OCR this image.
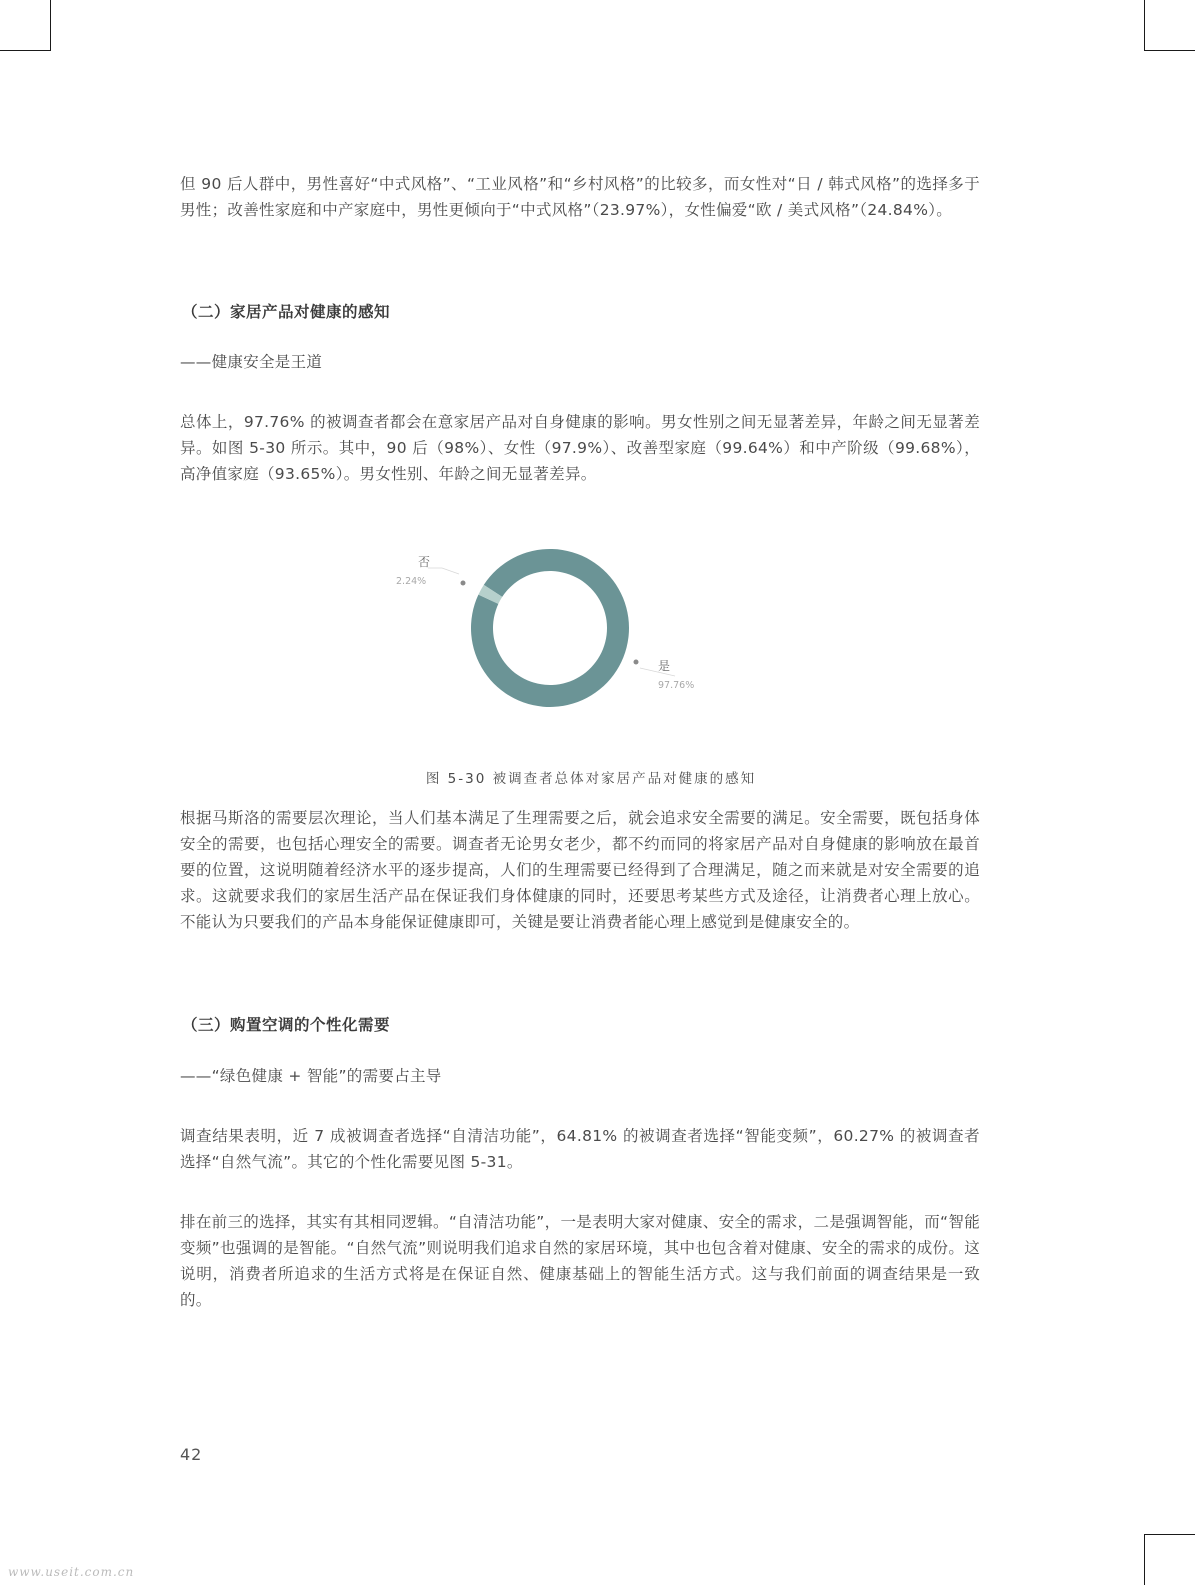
但 90 后人群中，男性喜好“中式风格”、“工业风格”和“乡村风格”的比较多，而女性对“日 / 韩式风格”的选择多于男性；改善性家庭和中产家庭中，男性更倾向于“中式风格”（23.97%），女性偏爱“欧 / 美式风格”（24.84%）。

（二）家居产品对健康的感知

——健康安全是王道

总体上，97.76% 的被调查者都会在意家居产品对自身健康的影响。男女性别之间无显著差异，年龄之间无显著差异。如图 5-30 所示。其中，90 后（98%）、女性（97.9%）、改善型家庭（99.64%）和中产阶级（99.68%），高净值家庭（93.65%）。男女性别、年龄之间无显著差异。

是
97.76%
否
2.24%
图 5-30 被调查者总体对家居产品对健康的感知

根据马斯洛的需要层次理论，当人们基本满足了生理需要之后，就会追求安全需要的满足。安全需要，既包括身体安全的需要，也包括心理安全的需要。调查者无论男女老少，都不约而同的将家居产品对自身健康的影响放在最首要的位置，这说明随着经济水平的逐步提高，人们的生理需要已经得到了合理满足，随之而来就是对安全需要的追求。这就要求我们的家居生活产品在保证我们身体健康的同时，还要思考某些方式及途径，让消费者心理上放心。不能认为只要我们的产品本身能保证健康即可，关键是要让消费者能心理上感觉到是健康安全的。

（三）购置空调的个性化需要

——“绿色健康 + 智能”的需要占主导

调查结果表明，近 7 成被调查者选择“自清洁功能”，64.81% 的被调查者选择“智能变频”，60.27% 的被调查者选择“自然气流”。其它的个性化需要见图 5-31。

排在前三的选择，其实有其相同逻辑。“自清洁功能”，一是表明大家对健康、安全的需求，二是强调智能，而“智能变频”也强调的是智能。“自然气流”则说明我们追求自然的家居环境，其中也包含着对健康、安全的需求的成份。这说明，消费者所追求的生活方式将是在保证自然、健康基础上的智能生活方式。这与我们前面的调查结果是一致的。

42
www.useit.com.cn
